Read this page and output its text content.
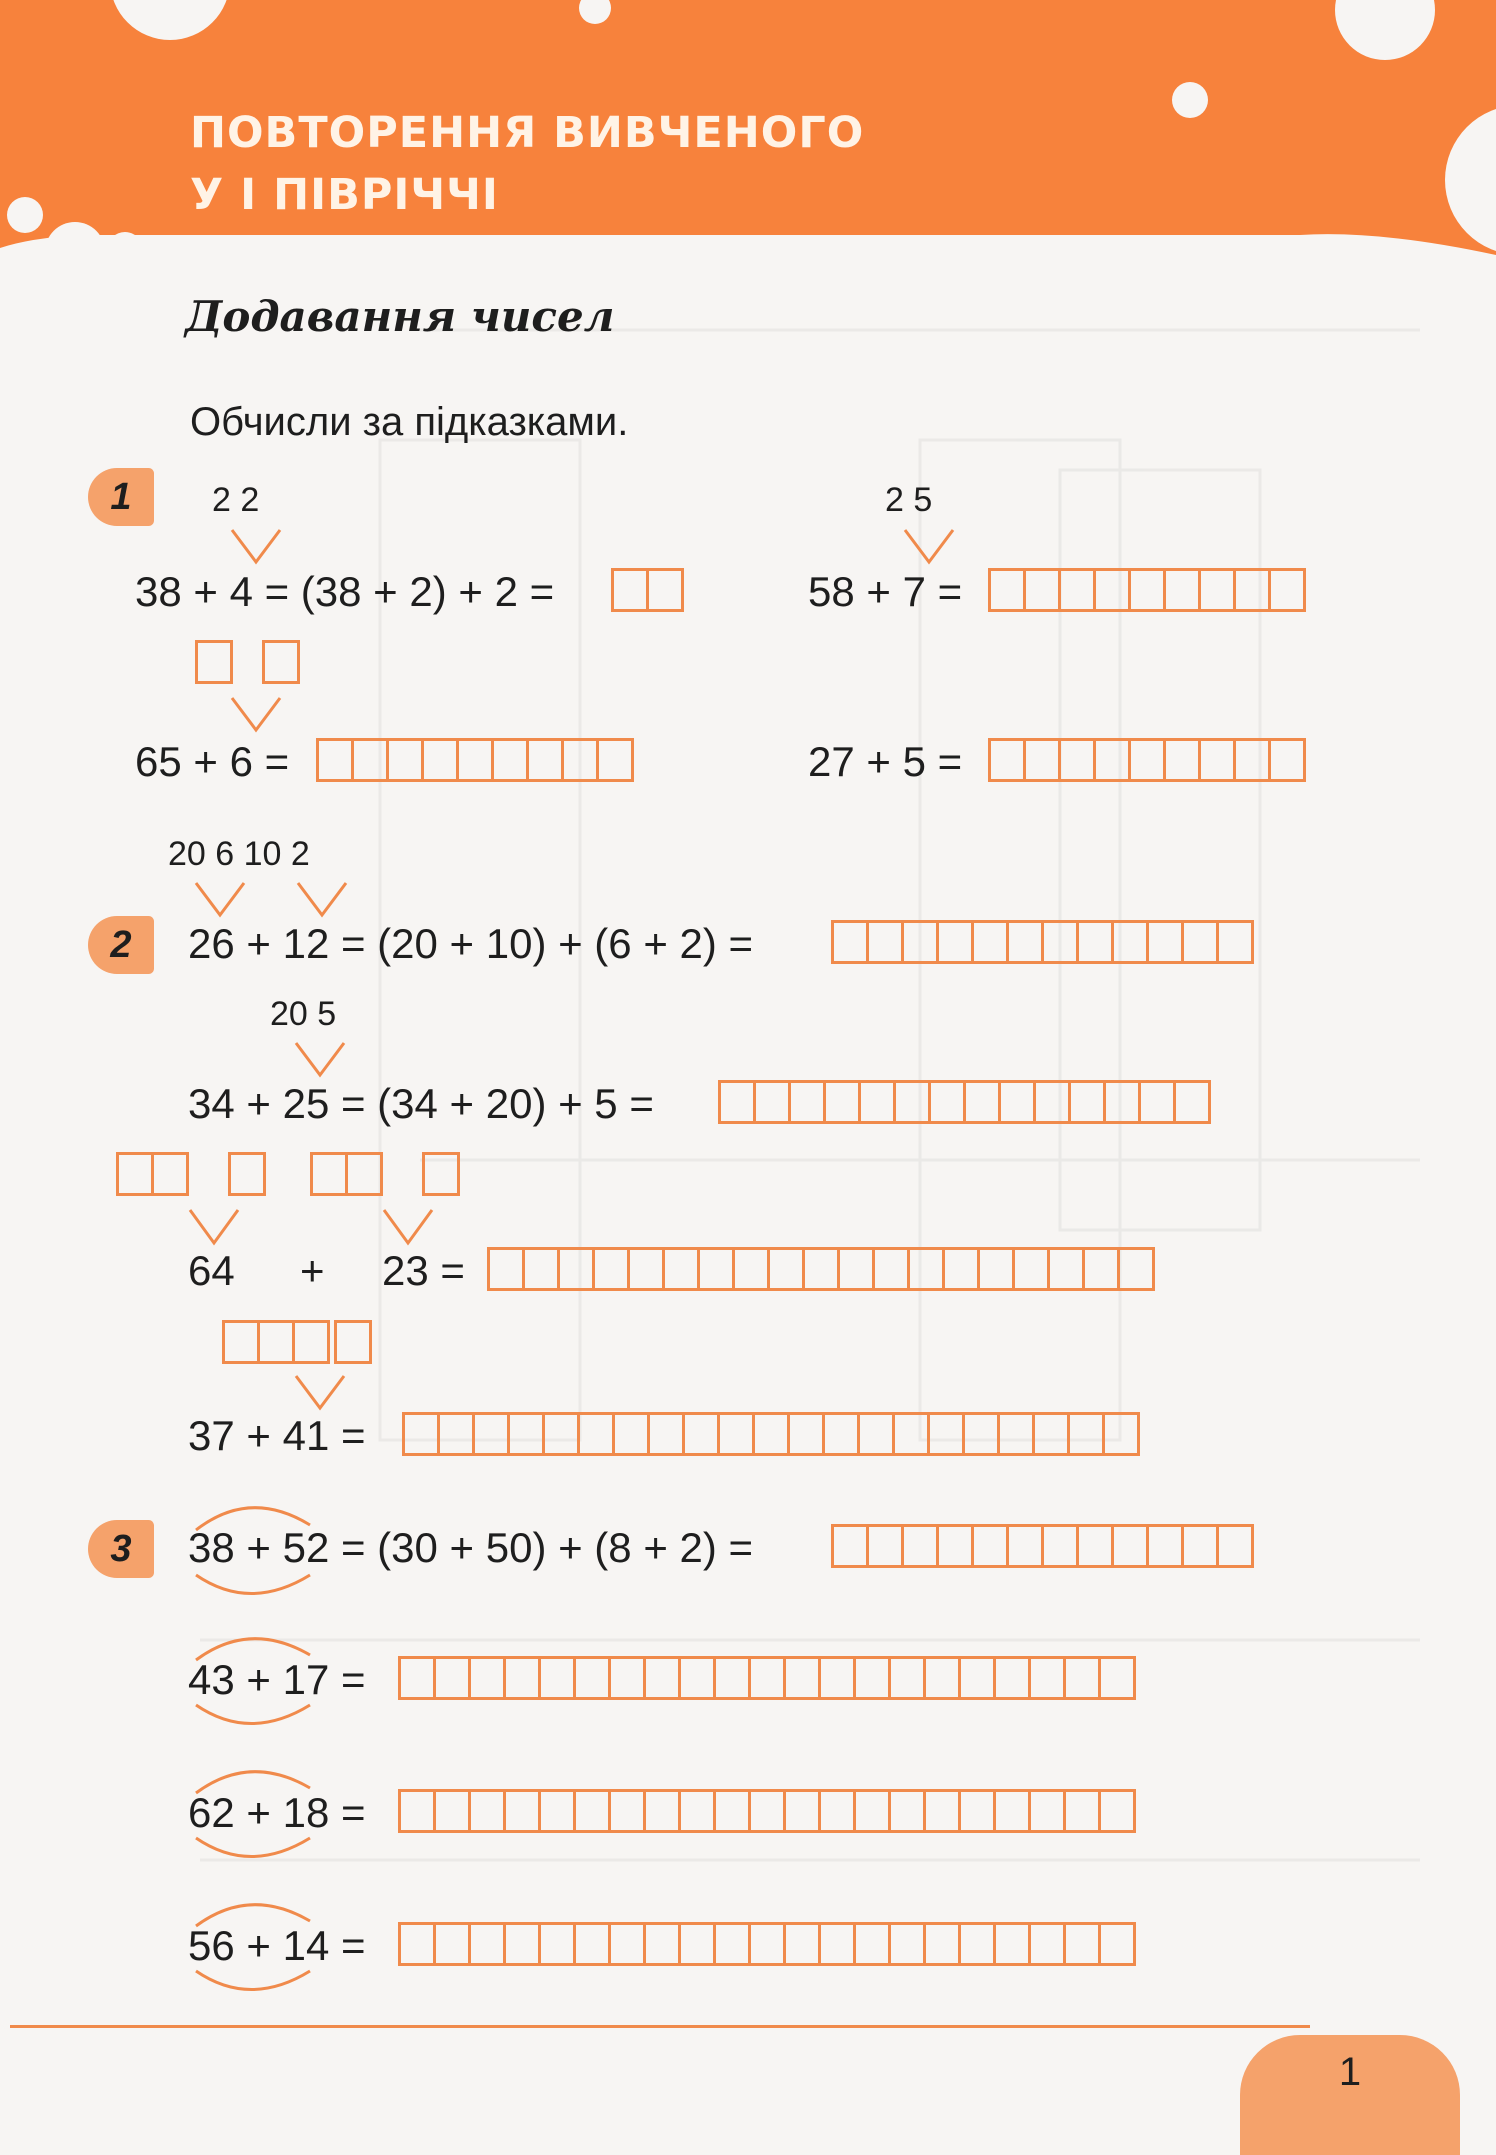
ПОВТОРЕННЯ ВИВЧЕНОГО
У І ПІВРІЧЧІ
Додавання чисел

Обчисли за підказками.

1	2 2
38 + 4 = (38 + 2) + 2 =
2 5
58 + 7 =
65 + 6 =	27 + 5 =
2
20 6 10 2
26 + 12 = (20 + 10) + (6 + 2) =
20 5
34 + 25 = (34 + 20) + 5 =
64 + 23 =
37 + 41 =
3	38 + 52 = (30 + 50) + (8 + 2) =
43 + 17 =
62 + 18 =
56 + 14 =
1
